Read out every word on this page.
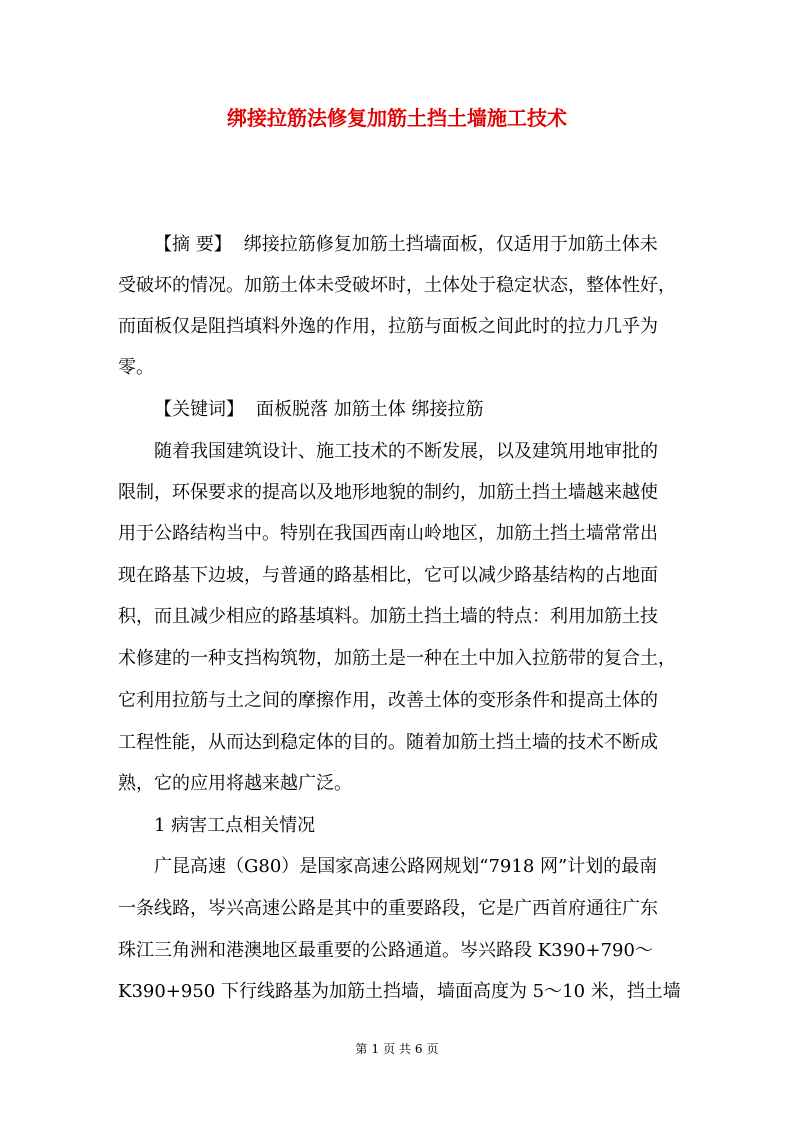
绑接拉筋法修复加筋土挡土墙施工技术
【摘 要】 绑接拉筋修复加筋土挡墙面板，仅适用于加筋土体未
受破坏的情况。加筋土体未受破坏时，土体处于稳定状态，整体性好，
而面板仅是阻挡填料外逸的作用，拉筋与面板之间此时的拉力几乎为
零。
【关键词】 面板脱落 加筋土体 绑接拉筋
随着我国建筑设计、施工技术的不断发展，以及建筑用地审批的
限制，环保要求的提高以及地形地貌的制约，加筋土挡土墙越来越使
用于公路结构当中。特别在我国西南山岭地区，加筋土挡土墙常常出
现在路基下边坡，与普通的路基相比，它可以减少路基结构的占地面
积，而且减少相应的路基填料。加筋土挡土墙的特点：利用加筋土技
术修建的一种支挡构筑物，加筋土是一种在土中加入拉筋带的复合土，
它利用拉筋与土之间的摩擦作用，改善土体的变形条件和提高土体的
工程性能，从而达到稳定体的目的。随着加筋土挡土墙的技术不断成
熟，它的应用将越来越广泛。
1 病害工点相关情况
广昆高速（G80）是国家高速公路网规划“7918 网”计划的最南
一条线路，岑兴高速公路是其中的重要路段，它是广西首府通往广东
珠江三角洲和港澳地区最重要的公路通道。岑兴路段 K390+790～
K390+950 下行线路基为加筋土挡墙，墙面高度为 5～10 米，挡土墙
第 1 页 共 6 页
